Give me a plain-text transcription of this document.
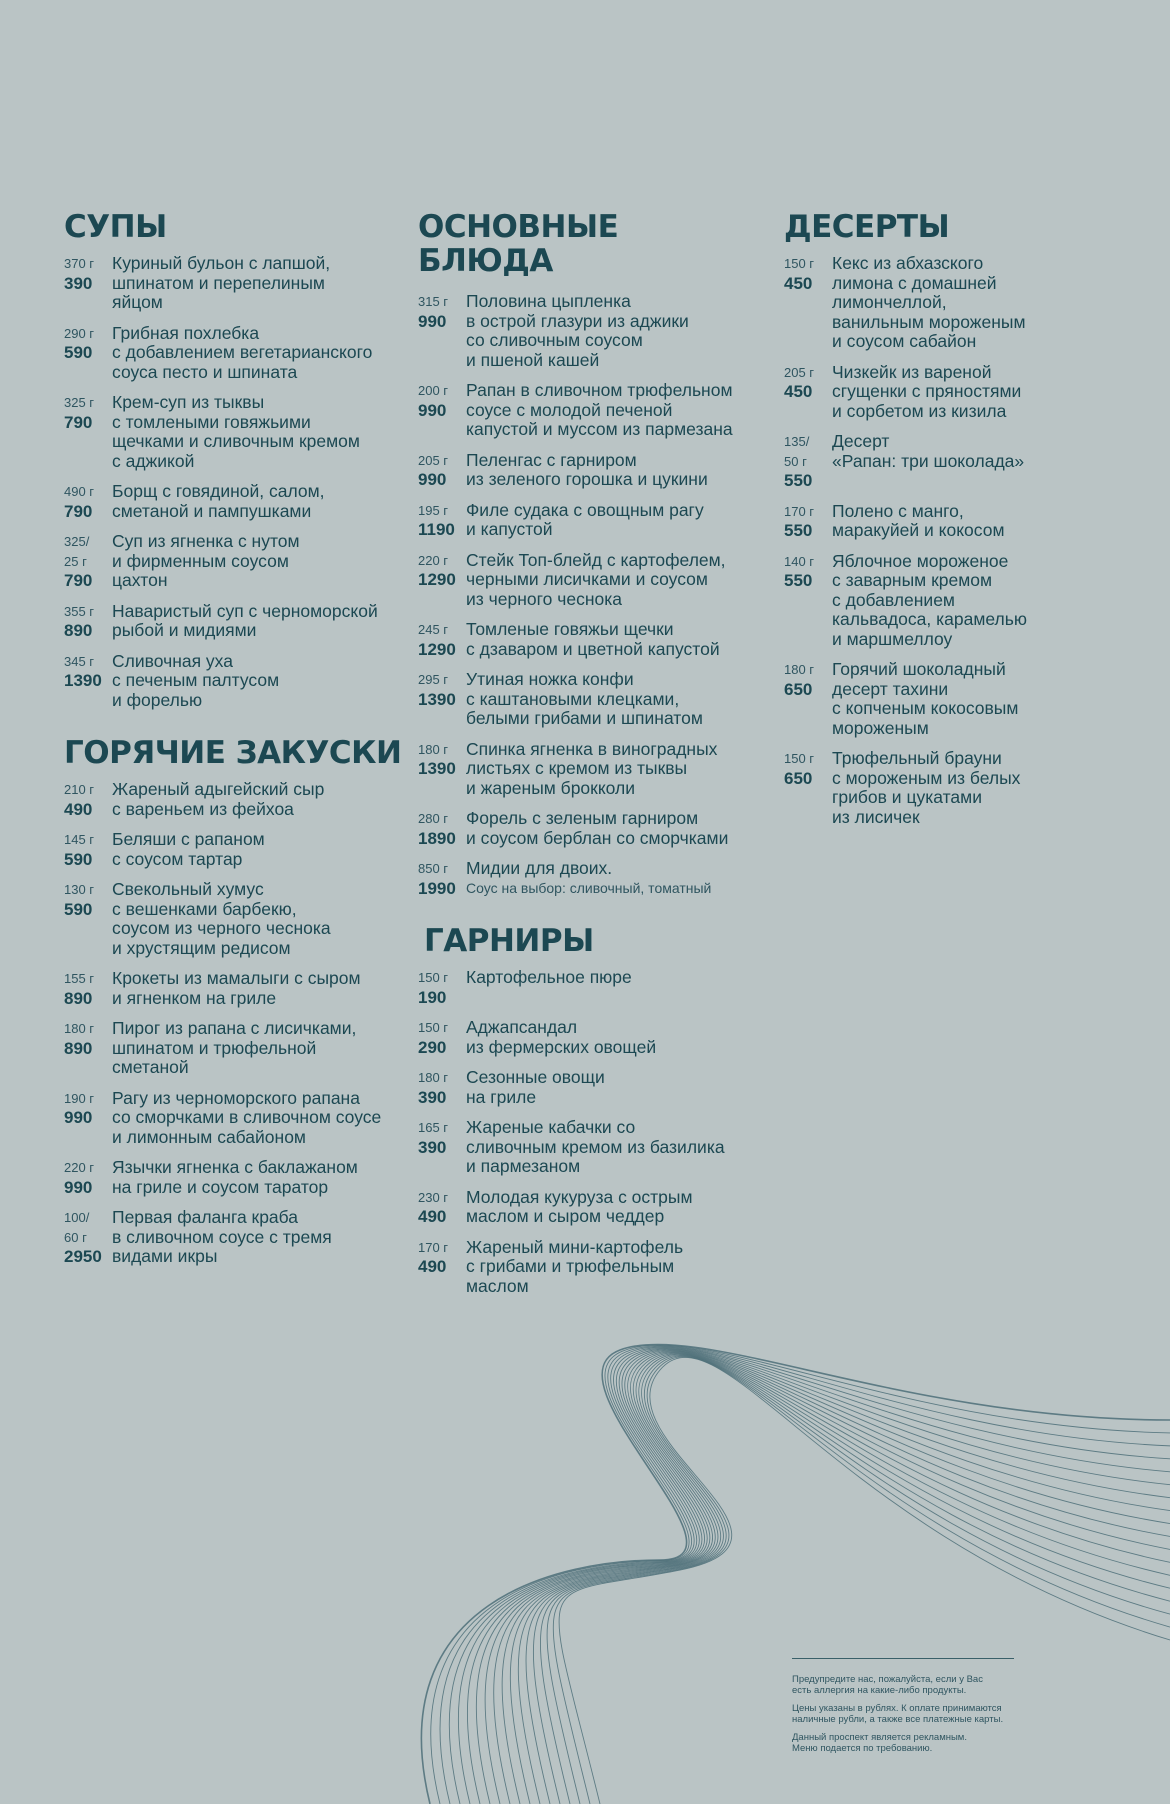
СУПЫ
370 г
390
Куриный бульон с лапшой,
шпинатом и перепелиным
яйцом
290 г
590
Грибная похлебка
с добавлением вегетарианского
соуса песто и шпината
325 г
790
Крем-суп из тыквы
с томлеными говяжьими
щечками и сливочным кремом
с аджикой
490 г
790
Борщ с говядиной, салом,
сметаной и пампушками
325/
25 г
790
Суп из ягненка с нутом
и фирменным соусом
цахтон
355 г
890
Наваристый суп с черноморской
рыбой и мидиями
345 г
1390
Сливочная уха
с печеным палтусом
и форелью
ГОРЯЧИЕ ЗАКУСКИ
210 г
490
Жареный адыгейский сыр
с вареньем из фейхоа
145 г
590
Беляши с рапаном
с соусом тартар
130 г
590
Свекольный хумус
с вешенками барбекю,
соусом из черного чеснока
и хрустящим редисом
155 г
890
Крокеты из мамалыги с сыром
и ягненком на гриле
180 г
890
Пирог из рапана с лисичками,
шпинатом и трюфельной
сметаной
190 г
990
Рагу из черноморского рапана
со сморчками в сливочном соусе
и лимонным сабайоном
220 г
990
Язычки ягненка с баклажаном
на гриле и соусом таратор
100/
60 г
2950
Первая фаланга краба
в сливочном соусе с тремя
видами икры
ОСНОВНЫЕ
БЛЮДА
315 г
990
Половина цыпленка
в острой глазури из аджики
со сливочным соусом
и пшеной кашей
200 г
990
Рапан в сливочном трюфельном
соусе с молодой печеной
капустой и муссом из пармезана
205 г
990
Пеленгас с гарниром
из зеленого горошка и цукини
195 г
1190
Филе судака с овощным рагу
и капустой
220 г
1290
Стейк Топ-блейд с картофелем,
черными лисичками и соусом
из черного чеснока
245 г
1290
Томленые говяжьи щечки
с дзаваром и цветной капустой
295 г
1390
Утиная ножка конфи
с каштановыми клецками,
белыми грибами и шпинатом
180 г
1390
Спинка ягненка в виноградных
листьях с кремом из тыквы
и жареным брокколи
280 г
1890
Форель с зеленым гарниром
и соусом берблан со сморчками
850 г
1990
Мидии для двоих.
Соус на выбор: сливочный, томатный
ГАРНИРЫ
150 г
190
Картофельное пюре
150 г
290
Аджапсандал
из фермерских овощей
180 г
390
Сезонные овощи
на гриле
165 г
390
Жареные кабачки со
сливочным кремом из базилика
и пармезаном
230 г
490
Молодая кукуруза с острым
маслом и сыром чеддер
170 г
490
Жареный мини-картофель
с грибами и трюфельным
маслом
ДЕСЕРТЫ
150 г
450
Кекс из абхазского
лимона с домашней
лимончеллой,
ванильным мороженым
и соусом сабайон
205 г
450
Чизкейк из вареной
сгущенки с пряностями
и сорбетом из кизила
135/
50 г
550
Десерт
«Рапан: три шоколада»
170 г
550
Полено с манго,
маракуйей и кокосом
140 г
550
Яблочное мороженое
с заварным кремом
с добавлением
кальвадоса, карамелью
и маршмеллоу
180 г
650
Горячий шоколадный
десерт тахини
с копченым кокосовым
мороженым
150 г
650
Трюфельный брауни
с мороженым из белых
грибов и цукатами
из лисичек

Предупредите нас, пожалуйста, если у Вас
есть аллергия на какие-либо продукты.

Цены указаны в рублях. К оплате принимаются
наличные рубли, а также все платежные карты.

Данный проспект является рекламным.
Меню подается по требованию.
